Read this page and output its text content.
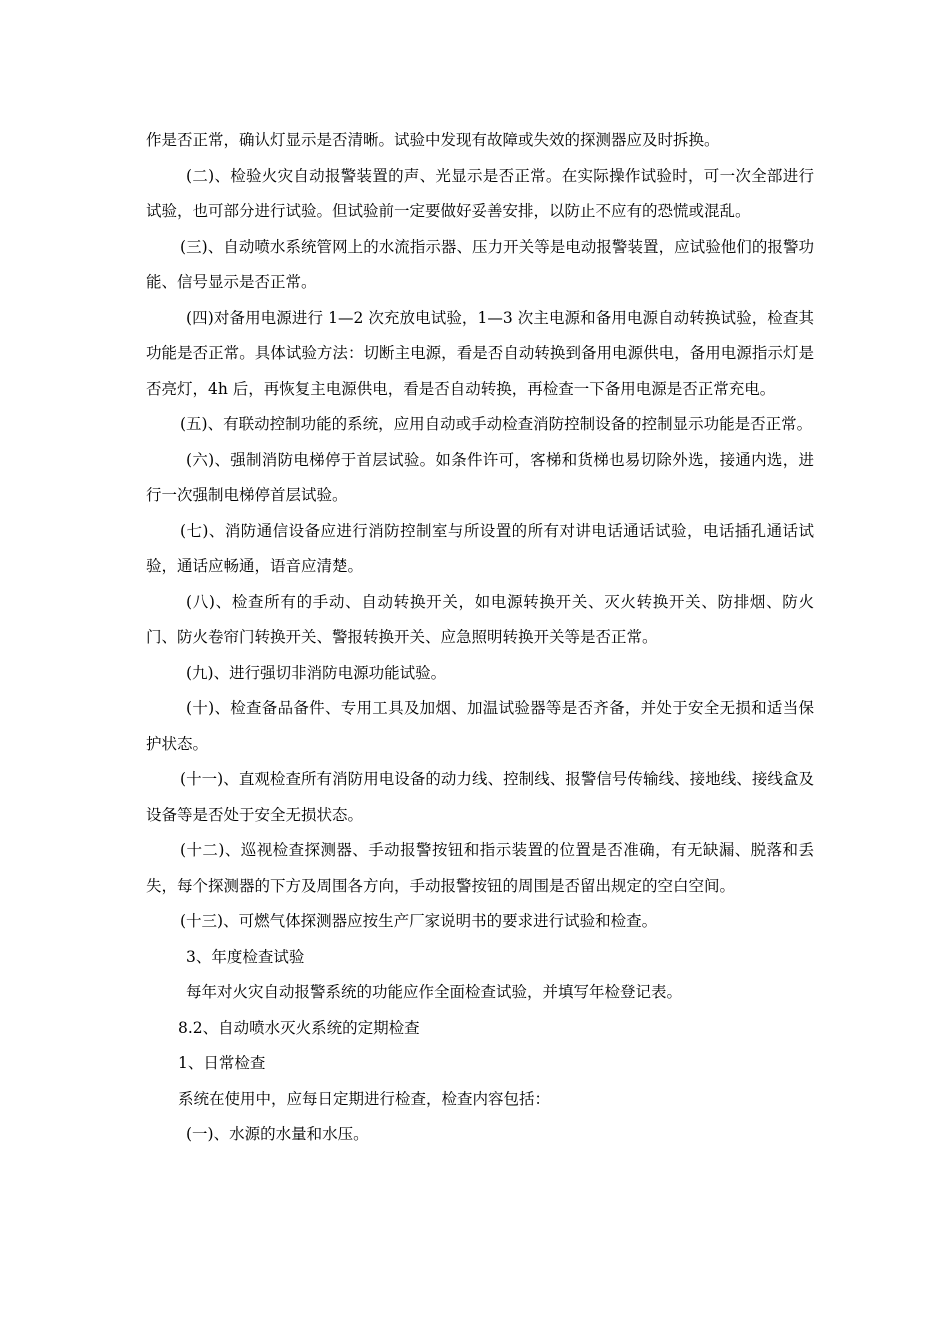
作是否正常，确认灯显示是否清晰。试验中发现有故障或失效的探测器应及时拆换。

(二)、检验火灾自动报警装置的声、光显示是否正常。在实际操作试验时，可一次全部进行试验，也可部分进行试验。但试验前一定要做好妥善安排，以防止不应有的恐慌或混乱。

(三)、自动喷水系统管网上的水流指示器、压力开关等是电动报警装置，应试验他们的报警功能、信号显示是否正常。

(四)对备用电源进行 1—2 次充放电试验，1—3 次主电源和备用电源自动转换试验，检查其功能是否正常。具体试验方法：切断主电源，看是否自动转换到备用电源供电，备用电源指示灯是否亮灯，4h 后，再恢复主电源供电，看是否自动转换，再检查一下备用电源是否正常充电。

(五)、有联动控制功能的系统，应用自动或手动检查消防控制设备的控制显示功能是否正常。

(六)、强制消防电梯停于首层试验。如条件许可，客梯和货梯也易切除外选，接通内选，进行一次强制电梯停首层试验。

(七)、消防通信设备应进行消防控制室与所设置的所有对讲电话通话试验，电话插孔通话试验，通话应畅通，语音应清楚。

(八)、检查所有的手动、自动转换开关，如电源转换开关、灭火转换开关、防排烟、防火门、防火卷帘门转换开关、警报转换开关、应急照明转换开关等是否正常。

(九)、进行强切非消防电源功能试验。

(十)、检查备品备件、专用工具及加烟、加温试验器等是否齐备，并处于安全无损和适当保护状态。

(十一)、直观检查所有消防用电设备的动力线、控制线、报警信号传输线、接地线、接线盒及设备等是否处于安全无损状态。

(十二)、巡视检查探测器、手动报警按钮和指示装置的位置是否准确，有无缺漏、脱落和丢失，每个探测器的下方及周围各方向，手动报警按钮的周围是否留出规定的空白空间。

(十三)、可燃气体探测器应按生产厂家说明书的要求进行试验和检查。

3、年度检查试验

每年对火灾自动报警系统的功能应作全面检查试验，并填写年检登记表。

8.2、自动喷水灭火系统的定期检查

1、日常检查

系统在使用中，应每日定期进行检查，检查内容包括：

(一)、水源的水量和水压。
